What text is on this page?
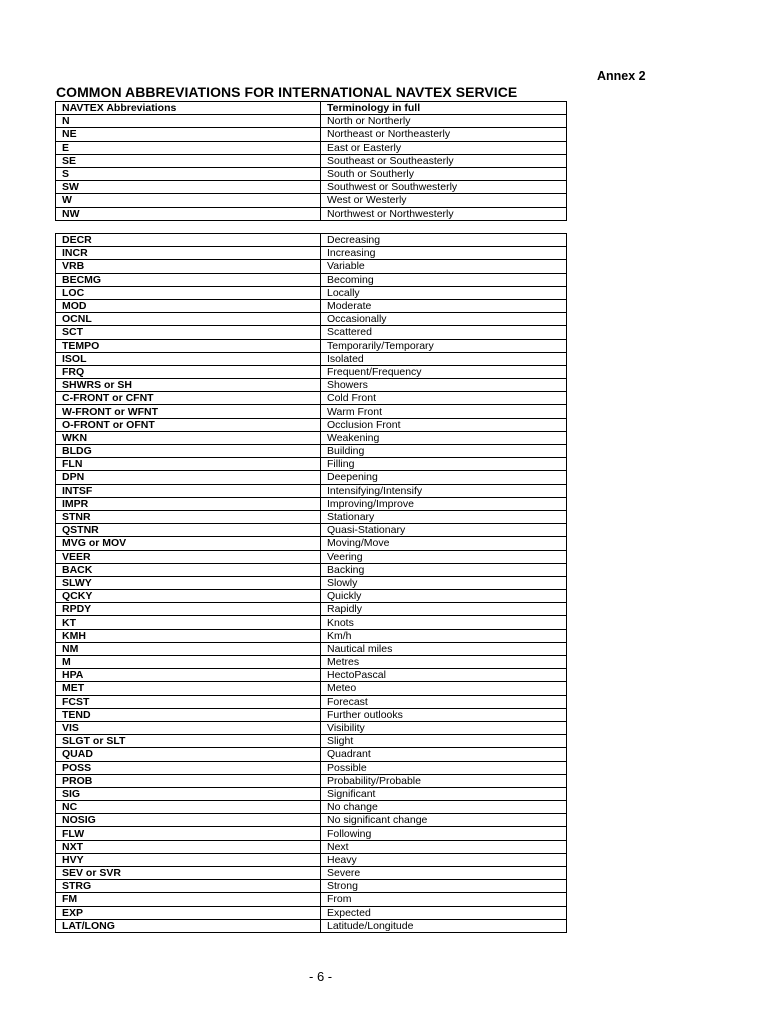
Annex 2
COMMON ABBREVIATIONS FOR INTERNATIONAL NAVTEX SERVICE
NAVTEX Abbreviations	Terminology in full
N	North or Northerly
NE	Northeast or Northeasterly
E	East or Easterly
SE	Southeast or Southeasterly
S	South or Southerly
SW	Southwest or Southwesterly
W	West or Westerly
NW	Northwest or Northwesterly
DECR	Decreasing
INCR	Increasing
VRB	Variable
BECMG	Becoming
LOC	Locally
MOD	Moderate
OCNL	Occasionally
SCT	Scattered
TEMPO	Temporarily/Temporary
ISOL	Isolated
FRQ	Frequent/Frequency
SHWRS or SH	Showers
C-FRONT or CFNT	Cold Front
W-FRONT or WFNT	Warm Front
O-FRONT or OFNT	Occlusion Front
WKN	Weakening
BLDG	Building
FLN	Filling
DPN	Deepening
INTSF	Intensifying/Intensify
IMPR	Improving/Improve
STNR	Stationary
QSTNR	Quasi-Stationary
MVG or MOV	Moving/Move
VEER	Veering
BACK	Backing
SLWY	Slowly
QCKY	Quickly
RPDY	Rapidly
KT	Knots
KMH	Km/h
NM	Nautical miles
M	Metres
HPA	HectoPascal
MET	Meteo
FCST	Forecast
TEND	Further outlooks
VIS	Visibility
SLGT or SLT	Slight
QUAD	Quadrant
POSS	Possible
PROB	Probability/Probable
SIG	Significant
NC	No change
NOSIG	No significant change
FLW	Following
NXT	Next
HVY	Heavy
SEV or SVR	Severe
STRG	Strong
FM	From
EXP	Expected
LAT/LONG	Latitude/Longitude
- 6 -
